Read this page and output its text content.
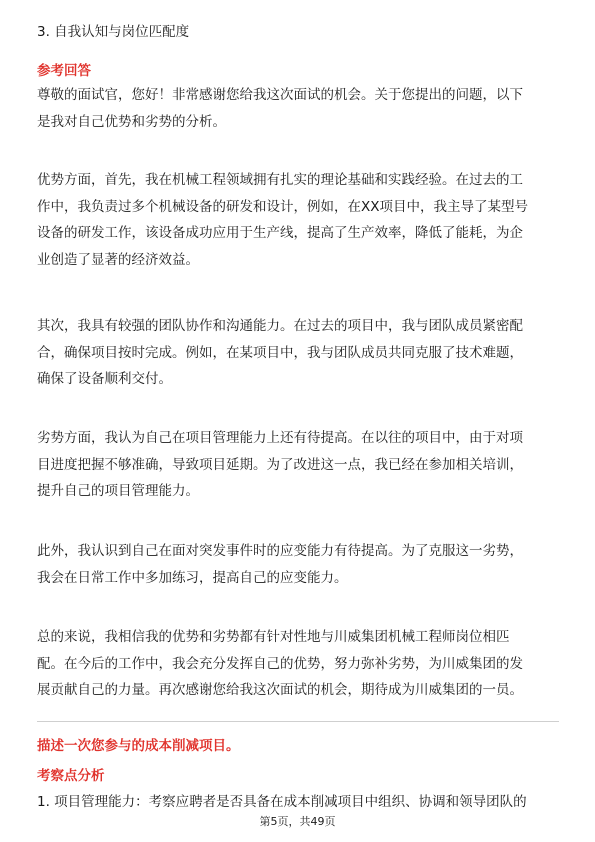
3. 自我认知与岗位匹配度
参考回答
尊敬的面试官，您好！非常感谢您给我这次面试的机会。关于您提出的问题，以下
是我对自己优势和劣势的分析。
优势方面，首先，我在机械工程领域拥有扎实的理论基础和实践经验。在过去的工
作中，我负责过多个机械设备的研发和设计，例如，在XX项目中，我主导了某型号
设备的研发工作，该设备成功应用于生产线，提高了生产效率，降低了能耗，为企
业创造了显著的经济效益。
其次，我具有较强的团队协作和沟通能力。在过去的项目中，我与团队成员紧密配
合，确保项目按时完成。例如，在某项目中，我与团队成员共同克服了技术难题，
确保了设备顺利交付。
劣势方面，我认为自己在项目管理能力上还有待提高。在以往的项目中，由于对项
目进度把握不够准确，导致项目延期。为了改进这一点，我已经在参加相关培训，
提升自己的项目管理能力。
此外，我认识到自己在面对突发事件时的应变能力有待提高。为了克服这一劣势，
我会在日常工作中多加练习，提高自己的应变能力。
总的来说，我相信我的优势和劣势都有针对性地与川威集团机械工程师岗位相匹
配。在今后的工作中，我会充分发挥自己的优势，努力弥补劣势，为川威集团的发
展贡献自己的力量。再次感谢您给我这次面试的机会，期待成为川威集团的一员。
描述一次您参与的成本削减项目。
考察点分析
1. 项目管理能力：考察应聘者是否具备在成本削减项目中组织、协调和领导团队的
第5页，共49页
